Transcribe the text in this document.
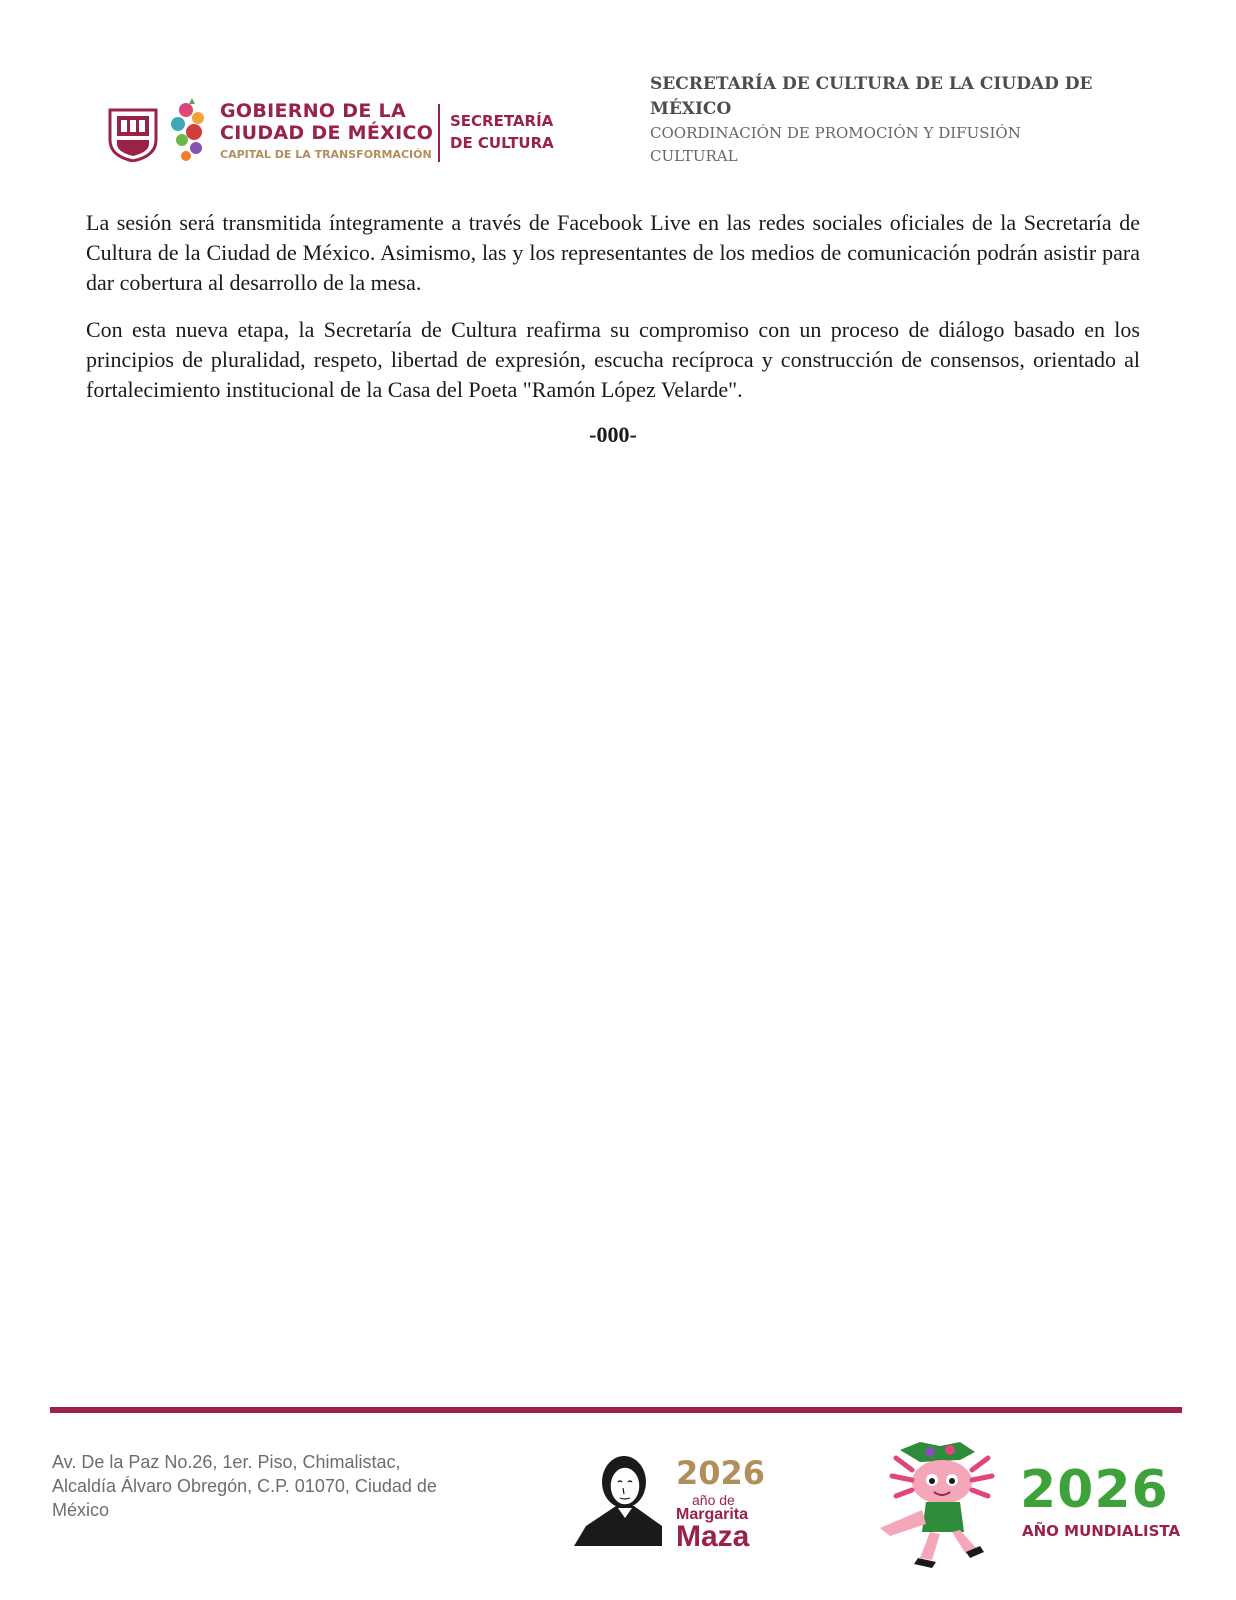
GOBIERNO DE LA
CIUDAD DE MÉXICO
CAPITAL DE LA TRANSFORMACIÓN
SECRETARÍA
DE CULTURA
SECRETARÍA DE CULTURA DE LA CIUDAD DE
MÉXICO
COORDINACIÓN DE PROMOCIÓN Y DIFUSIÓN
CULTURAL

La sesión será transmitida íntegramente a través de Facebook Live en las redes sociales oficiales de la Secretaría de Cultura de la Ciudad de México. Asimismo, las y los representantes de los medios de comunicación podrán asistir para dar cobertura al desarrollo de la mesa.

Con esta nueva etapa, la Secretaría de Cultura reafirma su compromiso con un proceso de diálogo basado en los principios de pluralidad, respeto, libertad de expresión, escucha recíproca y construcción de consensos, orientado al fortalecimiento institucional de la Casa del Poeta "Ramón López Velarde".

-000-
Av. De la Paz No.26, 1er. Piso, Chimalistac,
Alcaldía Álvaro Obregón, C.P. 01070, Ciudad de
México
2026
año de
Margarita
Maza
2026
AÑO MUNDIALISTA
